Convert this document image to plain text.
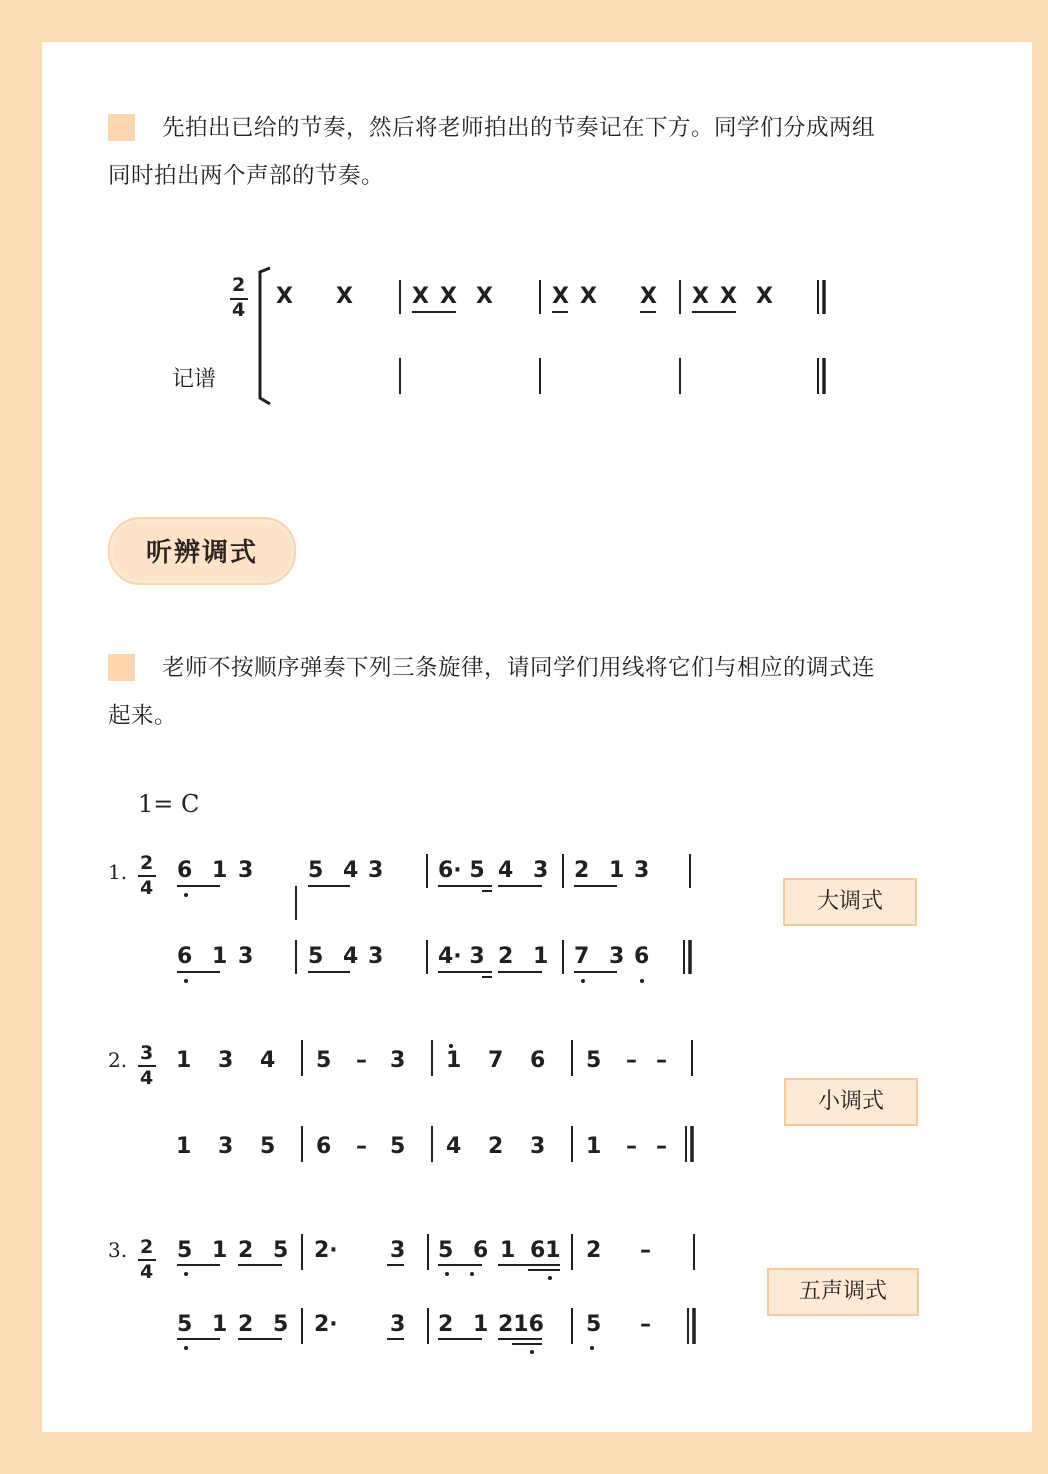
先拍出已给的节奏，然后将老师拍出的节奏记在下方。同学们分成两组
同时拍出两个声部的节奏。
2
4
记谱
X X	X X X	X X X X X X
听辨调式
老师不按顺序弹奏下列三条旋律，请同学们用线将它们与相应的调式连
起来。
1= C
1. 2
4
6 1 3 5 4 3 6· 5 4 3 2 1 3
6 1 3 5 4 3 4· 3 2 1 7 3 6
2. 3
4
1 3 4 5 – 3 1 7 6 5 – –
1 3 5 6 – 5 4 2 3 1 – –
3. 2
4
5 1 2 5 2· 3 5 6 1 61 2 –
5 1 2 5 2· 3 2 1 216 5 –
大调式
小调式
五声调式
